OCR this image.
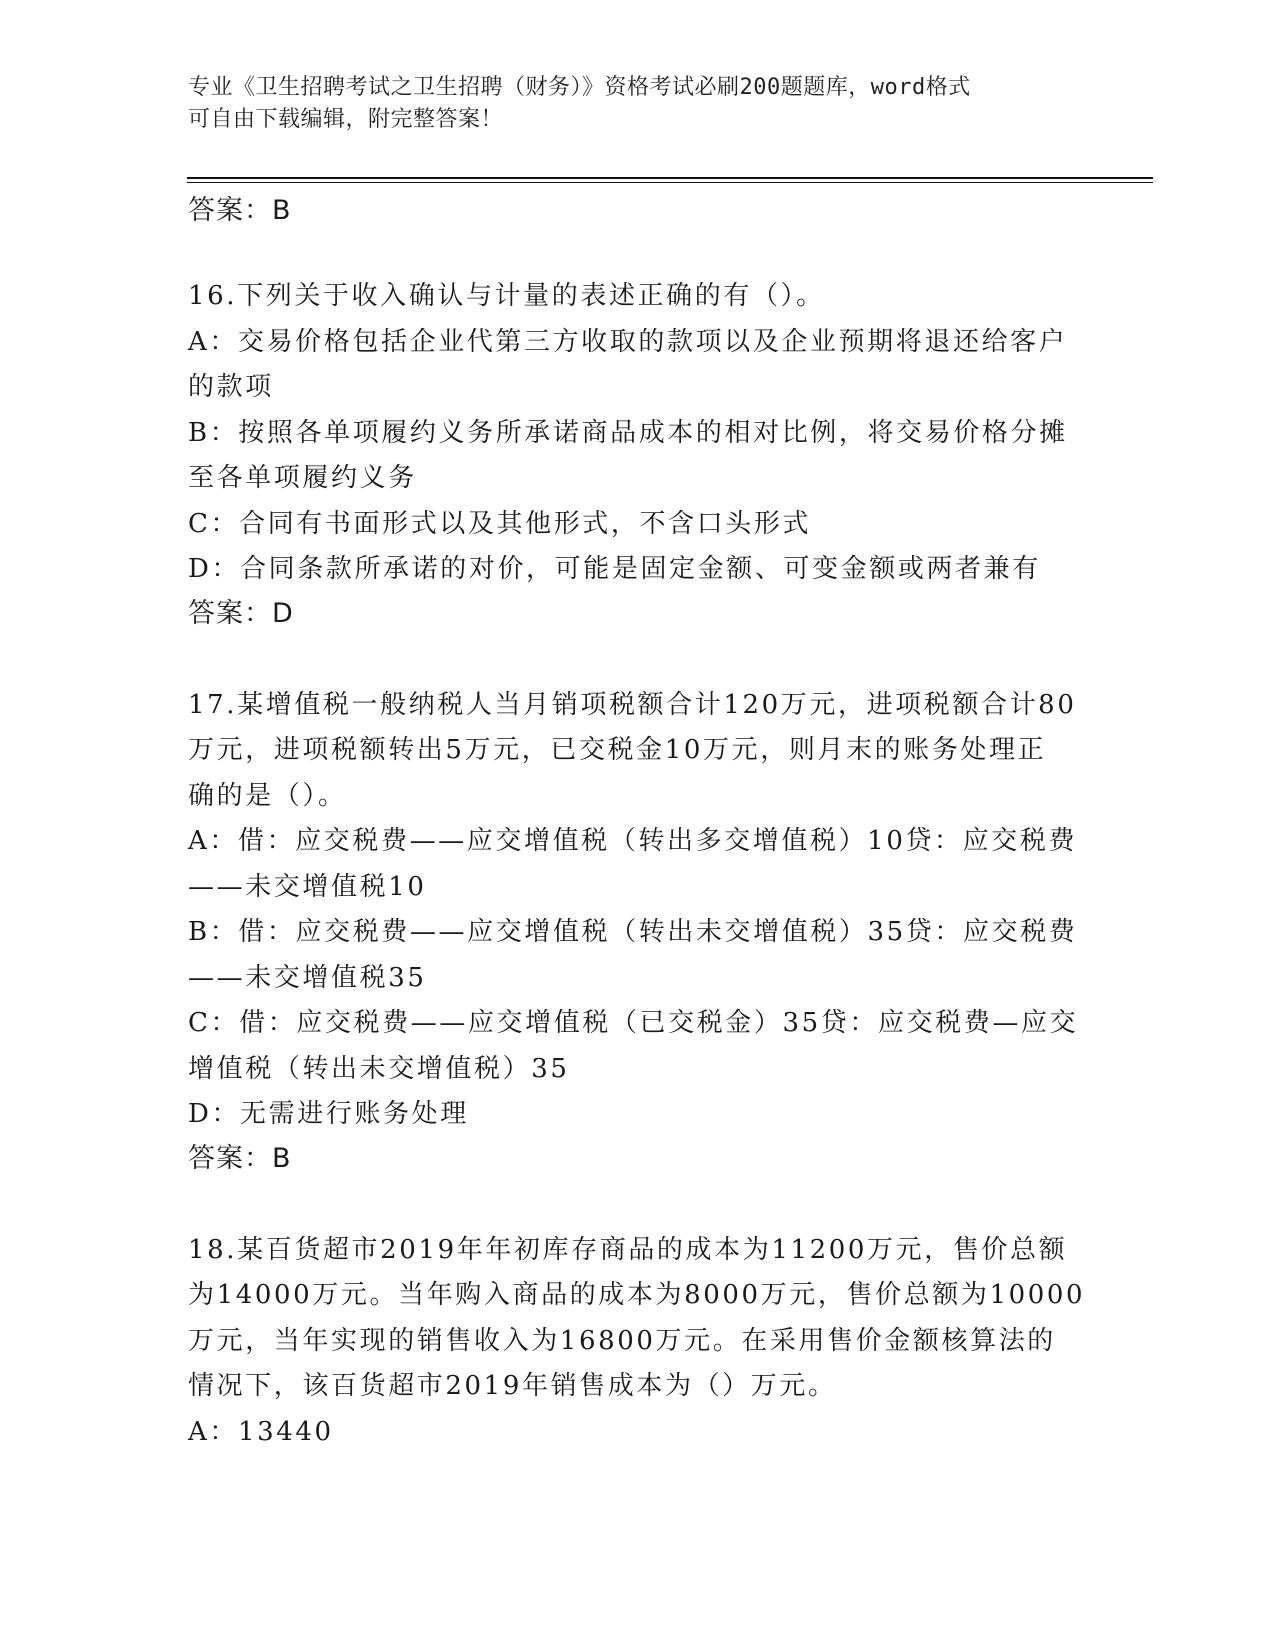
专业《卫生招聘考试之卫生招聘（财务）》资格考试必刷200题题库，word格式
可自由下载编辑，附完整答案！

答案：B

16.下列关于收入确认与计量的表述正确的有（）。

A：交易价格包括企业代第三方收取的款项以及企业预期将退还给客户

的款项

B：按照各单项履约义务所承诺商品成本的相对比例，将交易价格分摊

至各单项履约义务

C：合同有书面形式以及其他形式，不含口头形式

D：合同条款所承诺的对价，可能是固定金额、可变金额或两者兼有

答案：D

17.某增值税一般纳税人当月销项税额合计120万元，进项税额合计80

万元，进项税额转出5万元，已交税金10万元，则月末的账务处理正

确的是（）。

A：借：应交税费——应交增值税（转出多交增值税）10贷：应交税费

——未交增值税10

B：借：应交税费——应交增值税（转出未交增值税）35贷：应交税费

——未交增值税35

C：借：应交税费——应交增值税（已交税金）35贷：应交税费—应交

增值税（转出未交增值税）35

D：无需进行账务处理

答案：B

18.某百货超市2019年年初库存商品的成本为11200万元，售价总额

为14000万元。当年购入商品的成本为8000万元，售价总额为10000

万元，当年实现的销售收入为16800万元。在采用售价金额核算法的

情况下，该百货超市2019年销售成本为（）万元。

A：13440
